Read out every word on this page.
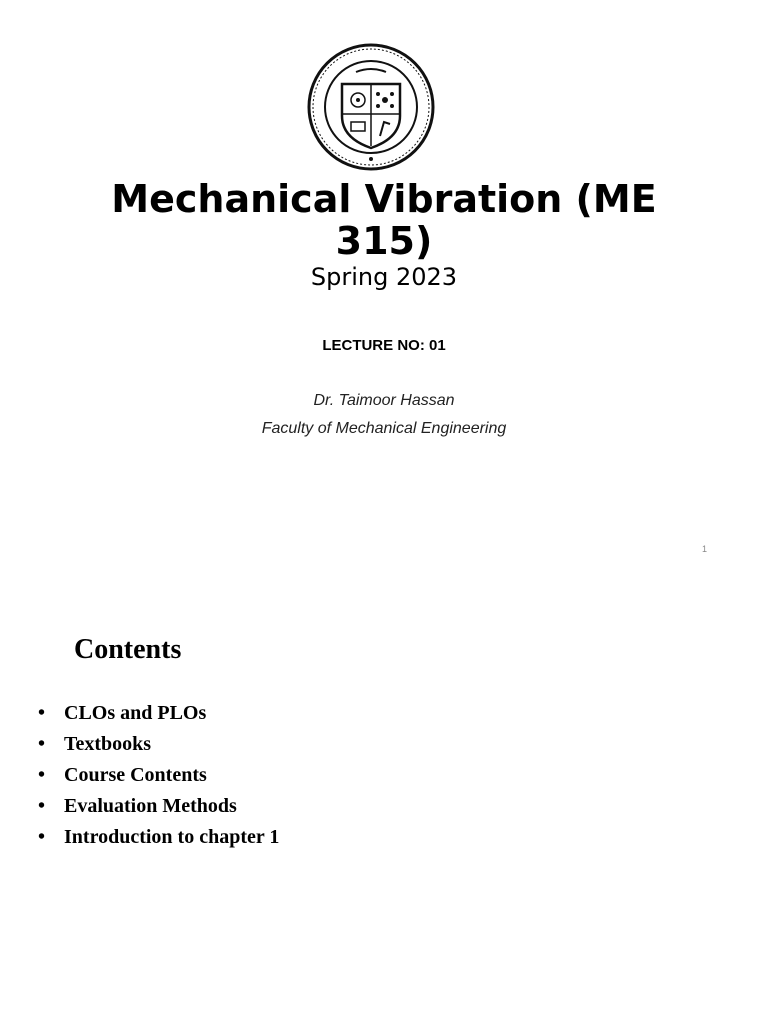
Mechanical Vibration (ME 315)
Spring 2023
LECTURE NO: 01
Dr. Taimoor Hassan
Faculty of Mechanical Engineering
1
Contents
• CLOs and PLOs
• Textbooks
• Course Contents
• Evaluation Methods
• Introduction to chapter 1
